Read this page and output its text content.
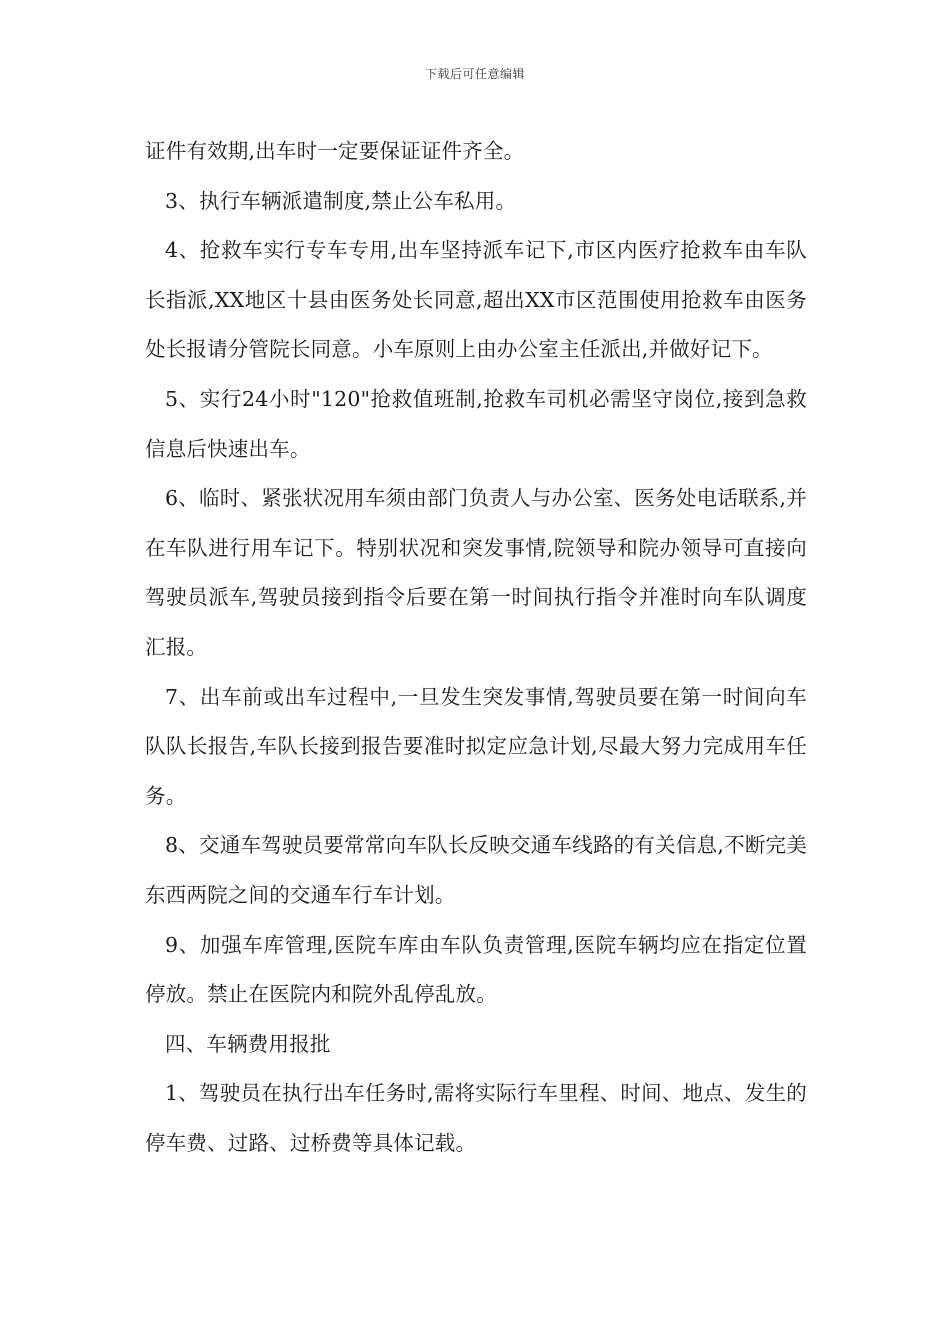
下载后可任意编辑

证件有效期,出车时一定要保证证件齐全。

3、执行车辆派遣制度,禁止公车私用。

4、抢救车实行专车专用,出车坚持派车记下,市区内医疗抢救车由车队长指派,XX地区十县由医务处长同意,超出XX市区范围使用抢救车由医务处长报请分管院长同意。小车原则上由办公室主任派出,并做好记下。

5、实行24小时"120"抢救值班制,抢救车司机必需坚守岗位,接到急救信息后快速出车。

6、临时、紧张状况用车须由部门负责人与办公室、医务处电话联系,并在车队进行用车记下。特别状况和突发事情,院领导和院办领导可直接向驾驶员派车,驾驶员接到指令后要在第一时间执行指令并准时向车队调度汇报。

7、出车前或出车过程中,一旦发生突发事情,驾驶员要在第一时间向车队队长报告,车队长接到报告要准时拟定应急计划,尽最大努力完成用车任务。

8、交通车驾驶员要常常向车队长反映交通车线路的有关信息,不断完美东西两院之间的交通车行车计划。

9、加强车库管理,医院车库由车队负责管理,医院车辆均应在指定位置停放。禁止在医院内和院外乱停乱放。

四、车辆费用报批

1、驾驶员在执行出车任务时,需将实际行车里程、时间、地点、发生的停车费、过路、过桥费等具体记载。
